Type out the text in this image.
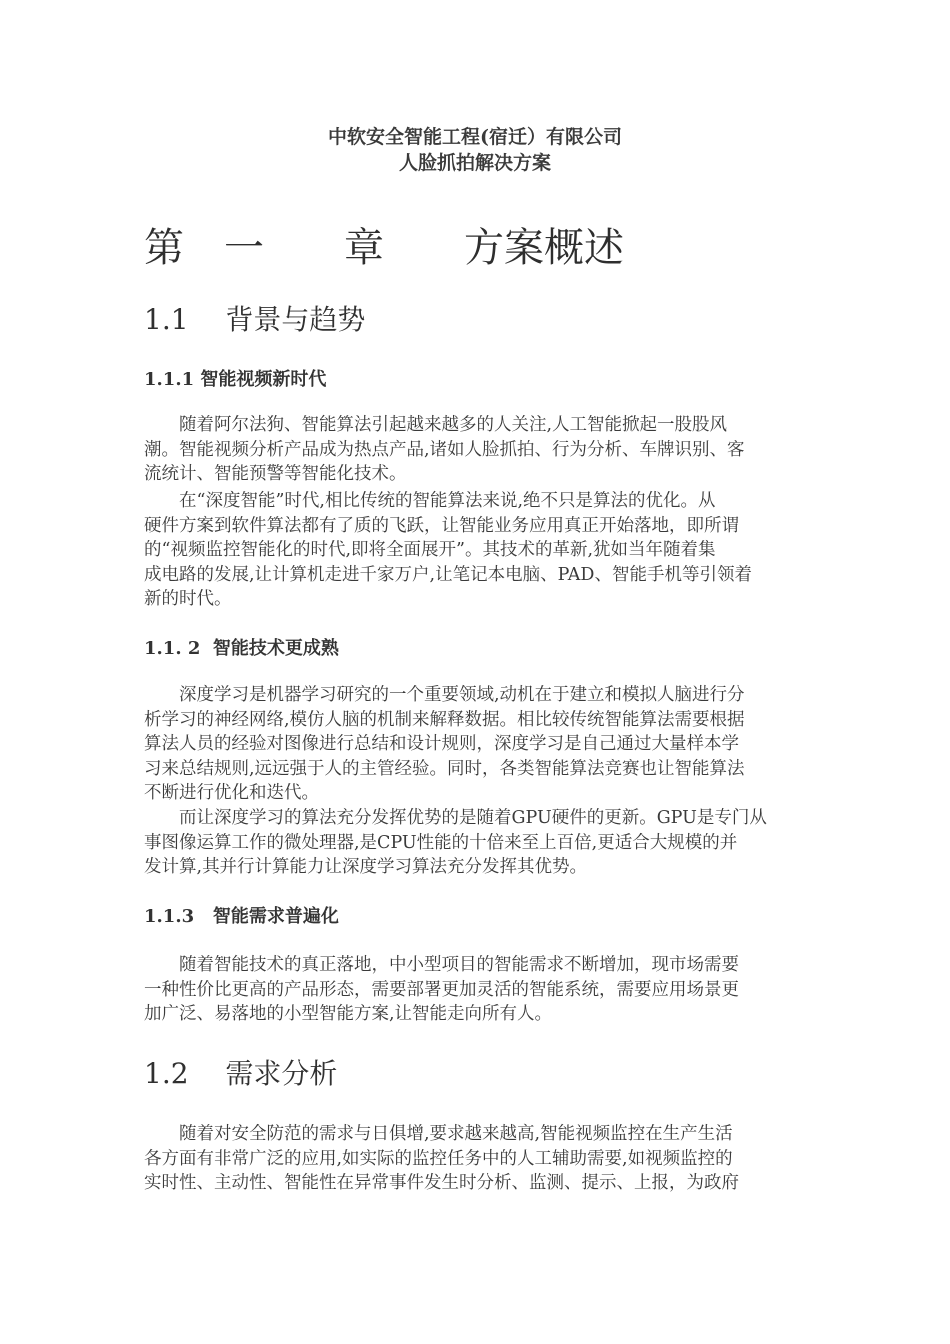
中软安全智能工程(宿迁）有限公司
人脸抓拍解决方案
第　一　　章　　方案概述
1.1　 背景与趋势
1.1.1 智能视频新时代
　　随着阿尔法狗、智能算法引起越来越多的人关注,人工智能掀起一股股风
潮。智能视频分析产品成为热点产品,诸如人脸抓拍、行为分析、车牌识别、客
流统计、智能预警等智能化技术。
　　在“深度智能”时代,相比传统的智能算法来说,绝不只是算法的优化。从
硬件方案到软件算法都有了质的飞跃，让智能业务应用真正开始落地，即所谓
的“视频监控智能化的时代,即将全面展开”。其技术的革新,犹如当年随着集
成电路的发展,让计算机走进千家万户,让笔记本电脑、PAD、智能手机等引领着
新的时代。
1.1. 2  智能技术更成熟
　　深度学习是机器学习研究的一个重要领域,动机在于建立和模拟人脑进行分
析学习的神经网络,模仿人脑的机制来解释数据。相比较传统智能算法需要根据
算法人员的经验对图像进行总结和设计规则，深度学习是自己通过大量样本学
习来总结规则,远远强于人的主管经验。同时，各类智能算法竞赛也让智能算法
不断进行优化和迭代。
　　而让深度学习的算法充分发挥优势的是随着GPU硬件的更新。GPU是专门从
事图像运算工作的微处理器,是CPU性能的十倍来至上百倍,更适合大规模的并
发计算,其并行计算能力让深度学习算法充分发挥其优势。
1.1.3   智能需求普遍化
　　随着智能技术的真正落地，中小型项目的智能需求不断增加，现市场需要
一种性价比更高的产品形态，需要部署更加灵活的智能系统，需要应用场景更
加广泛、易落地的小型智能方案,让智能走向所有人。
1.2　 需求分析
　　随着对安全防范的需求与日俱增,要求越来越高,智能视频监控在生产生活
各方面有非常广泛的应用,如实际的监控任务中的人工辅助需要,如视频监控的
实时性、主动性、智能性在异常事件发生时分析、监测、提示、上报，为政府
